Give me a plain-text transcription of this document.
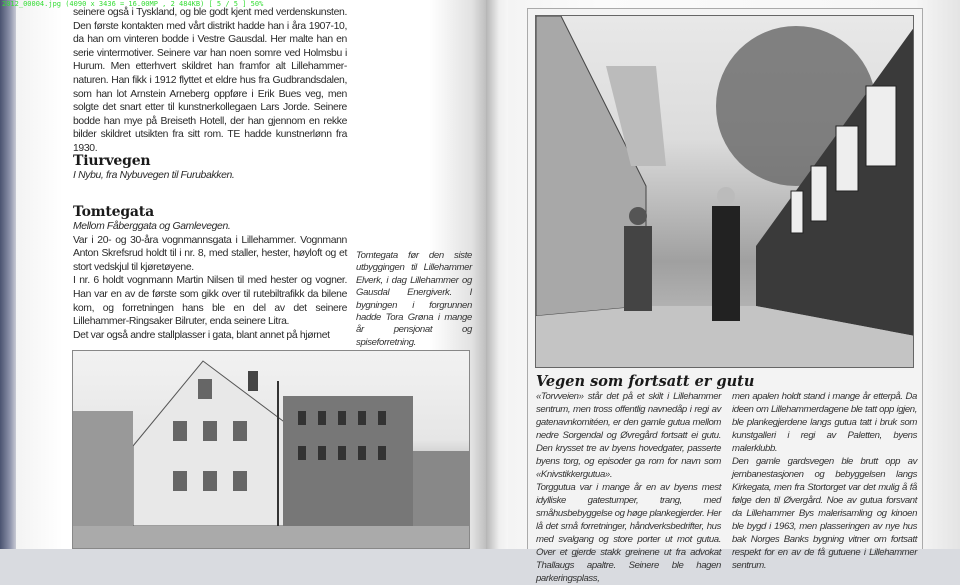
2012_00004.jpg (4090 x 3436 = 16.00MP , 2 484KB) [ 5 / 5 ] 50%

seinere også i Tyskland, og ble godt kjent med verdenskunsten. Den første kontakten med vårt distrikt hadde han i åra 1907-10, da han om vinteren bodde i Vestre Gausdal. Her malte han en serie vintermotiver. Seinere var han noen somre ved Holmsbu i Hurum. Men etterhvert skildret han framfor alt Lillehammer-naturen. Han fikk i 1912 flyttet et eldre hus fra Gudbrandsdalen, som han lot Arnstein Arneberg oppføre i Erik Bues veg, men solgte det snart etter til kunstnerkollegaen Lars Jorde. Seinere bodde han mye på Breiseth Hotell, der han gjennom en rekke bilder skildret utsikten fra sitt rom. TE hadde kunstnerlønn fra 1930.

Tiurvegen
I Nybu, fra Nybuvegen til Furubakken.
Tomtegata
Mellom Fåberggata og Gamlevegen.

Var i 20- og 30-åra vognmannsgata i Lillehammer. Vognmann Anton Skrefsrud holdt til i nr. 8, med staller, hester, høyloft og et stort vedskjul til kjøretøyene.

I nr. 6 holdt vognmann Martin Nilsen til med hester og vogner. Han var en av de første som gikk over til rutebiltrafikk da bilene kom, og forretningen hans ble en del av det seinere Lillehammer-Ringsaker Bilruter, enda seinere Litra.

Det var også andre stallplasser i gata, blant annet på hjørnet

Tomtegata før den siste utbyggingen til Lillehammer Elverk, i dag Lillehammer og Gausdal Energiverk. I bygningen i forgrunnen hadde Tora Grøna i mange år pensjonat og spiseforretning.
Vegen som fortsatt er gutu

«Torvveien» står det på et skilt i Lillehammer sentrum, men tross offentlig navnedåp i regi av gatenavnkomitéen, er den gamle gutua mellom nedre Sorgendal og Øvregård fortsatt ei gutu. Den krysset tre av byens hovedgater, passerte byens torg, og episoder ga rom for navn som «Knivstikkergutua».

Torggutua var i mange år en av byens mest idylliske gatestumper, trang, med småhusbebyggelse og høge plankegjerder. Her lå det små forretninger, håndverksbedrifter, hus med svalgang og store porter ut mot gutua. Over et gjerde stakk greinene ut fra advokat Thallaugs apaltre. Seinere ble hagen parkeringsplass,

men apalen holdt stand i mange år etterpå. Da ideen om Lillehammerdagene ble tatt opp igjen, ble plankegjerdene langs gutua tatt i bruk som kunstgalleri i regi av Paletten, byens malerklubb.

Den gamle gardsvegen ble brutt opp av jernbanestasjonen og bebyggelsen langs Kirkegata, men fra Stortorget var det mulig å få følge den til Øvergård. Noe av gutua forsvant da Lillehammer Bys malerisamling og kinoen ble bygd i 1963, men plasseringen av nye hus bak Norges Banks bygning vitner om fortsatt respekt for en av de få gutuene i Lillehammer sentrum.
